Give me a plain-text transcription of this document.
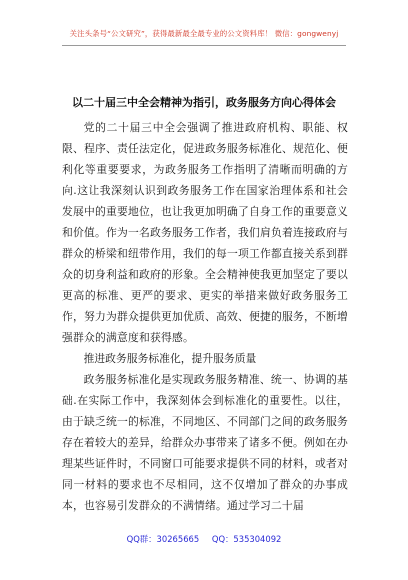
关注头条号“公文研究”，获得最新最全最专业的公文资料库！ 微信：gongwenyj
以二十届三中全会精神为指引，政务服务方向心得体会

党的二十届三中全会强调了推进政府机构、职能、权限、程序、责任法定化，促进政务服务标准化、规范化、便利化等重要要求，为政务服务工作指明了清晰而明确的方向.这让我深刻认识到政务服务工作在国家治理体系和社会发展中的重要地位，也让我更加明确了自身工作的重要意义和价值。作为一名政务服务工作者，我们肩负着连接政府与群众的桥梁和纽带作用，我们的每一项工作都直接关系到群众的切身利益和政府的形象。全会精神使我更加坚定了要以更高的标准、更严的要求、更实的举措来做好政务服务工作，努力为群众提供更加优质、高效、便捷的服务，不断增强群众的满意度和获得感。

推进政务服务标准化，提升服务质量

政务服务标准化是实现政务服务精准、统一、协调的基础.在实际工作中，我深刻体会到标准化的重要性。以往，由于缺乏统一的标准，不同地区、不同部门之间的政务服务存在着较大的差异，给群众办事带来了诸多不便。例如在办理某些证件时，不同窗口可能要求提供不同的材料，或者对同一材料的要求也不尽相同，这不仅增加了群众的办事成本，也容易引发群众的不满情绪。通过学习二十届

QQ群：30265665 QQ：535304092
